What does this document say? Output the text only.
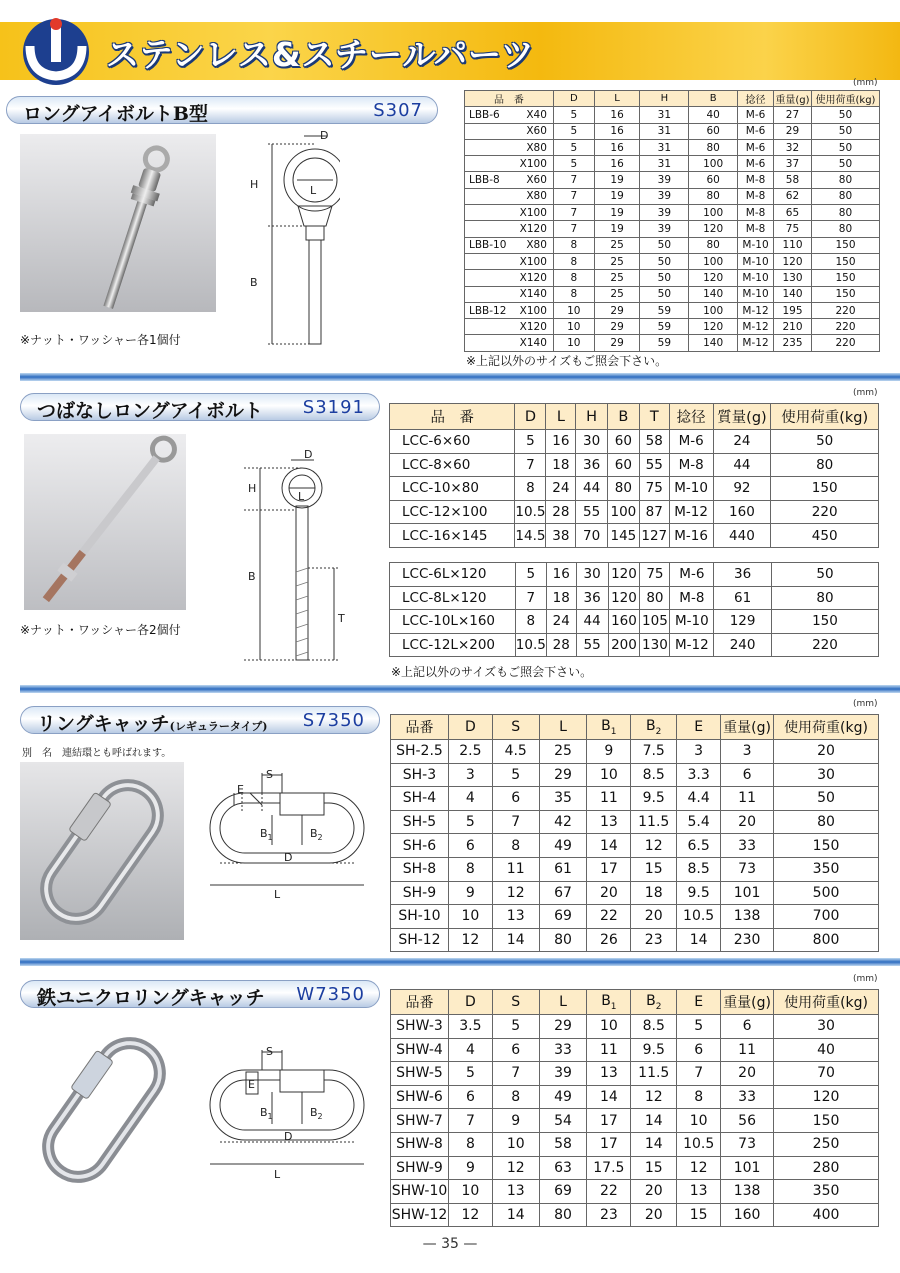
ステンレス&スチールパーツ
ロングアイボルトB型	S307
(mm)
※ナット・ワッシャー各1個付
D
L
H
B
品　番		D	L	H	B	捻径	重量(g)	使用荷重(kg)
LBB-6	X40	5	16	31	40	M-6	27	50
	X60	5	16	31	60	M-6	29	50
	X80	5	16	31	80	M-6	32	50
	X100	5	16	31	100	M-6	37	50
LBB-8	X60	7	19	39	60	M-8	58	80
	X80	7	19	39	80	M-8	62	80
	X100	7	19	39	100	M-8	65	80
	X120	7	19	39	120	M-8	75	80
LBB-10	X80	8	25	50	80	M-10	110	150
	X100	8	25	50	100	M-10	120	150
	X120	8	25	50	120	M-10	130	150
	X140	8	25	50	140	M-10	140	150
LBB-12	X100	10	29	59	100	M-12	195	220
	X120	10	29	59	120	M-12	210	220
	X140	10	29	59	140	M-12	235	220
※上記以外のサイズもご照会下さい。
つばなしロングアイボルト S3191
(mm)
※ナット・ワッシャー各2個付
D
L
H
B
T
品　番	D	L	H	B	T	捻径	質量(g)	使用荷重(kg)
LCC-6×60	5	16	30	60	58	M-6	24	50
LCC-8×60	7	18	36	60	55	M-8	44	80
LCC-10×80	8	24	44	80	75	M-10	92	150
LCC-12×100	10.5	28	55	100	87	M-12	160	220
LCC-16×145	14.5	38	70	145	127	M-16	440	450
LCC-6L×120	5	16	30	120	75	M-6	36	50
LCC-8L×120	7	18	36	120	80	M-8	61	80
LCC-10L×160	8	24	44	160	105	M-10	129	150
LCC-12L×200	10.5	28	55	200	130	M-12	240	220
※上記以外のサイズもご照会下さい。
リングキャッチ(レギュラータイプ) S7350
(mm)
別　名　連結環とも呼ばれます。
S
E
$B_1$	$B_2$
D
L
品番	D	S	L	$B_1$	$B_2$	E	重量(g)	使用荷重(kg)
SH-2.5	2.5	4.5	25	9	7.5	3	3	20
SH-3	3	5	29	10	8.5	3.3	6	30
SH-4	4	6	35	11	9.5	4.4	11	50
SH-5	5	7	42	13	11.5	5.4	20	80
SH-6	6	8	49	14	12	6.5	33	150
SH-8	8	11	61	17	15	8.5	73	350
SH-9	9	12	67	20	18	9.5	101	500
SH-10	10	13	69	22	20	10.5	138	700
SH-12	12	14	80	26	23	14	230	800
鉄ユニクロリングキャッチ W7350
(mm)
S
E
$B_1$	$B_2$
D
L
品番	D	S	L	$B_1$	$B_2$	E	重量(g)	使用荷重(kg)
SHW-3	3.5	5	29	10	8.5	5	6	30
SHW-4	4	6	33	11	9.5	6	11	40
SHW-5	5	7	39	13	11.5	7	20	70
SHW-6	6	8	49	14	12	8	33	120
SHW-7	7	9	54	17	14	10	56	150
SHW-8	8	10	58	17	14	10.5	73	250
SHW-9	9	12	63	17.5	15	12	101	280
SHW-10	10	13	69	22	20	13	138	350
SHW-12	12	14	80	23	20	15	160	400
— 35 —
